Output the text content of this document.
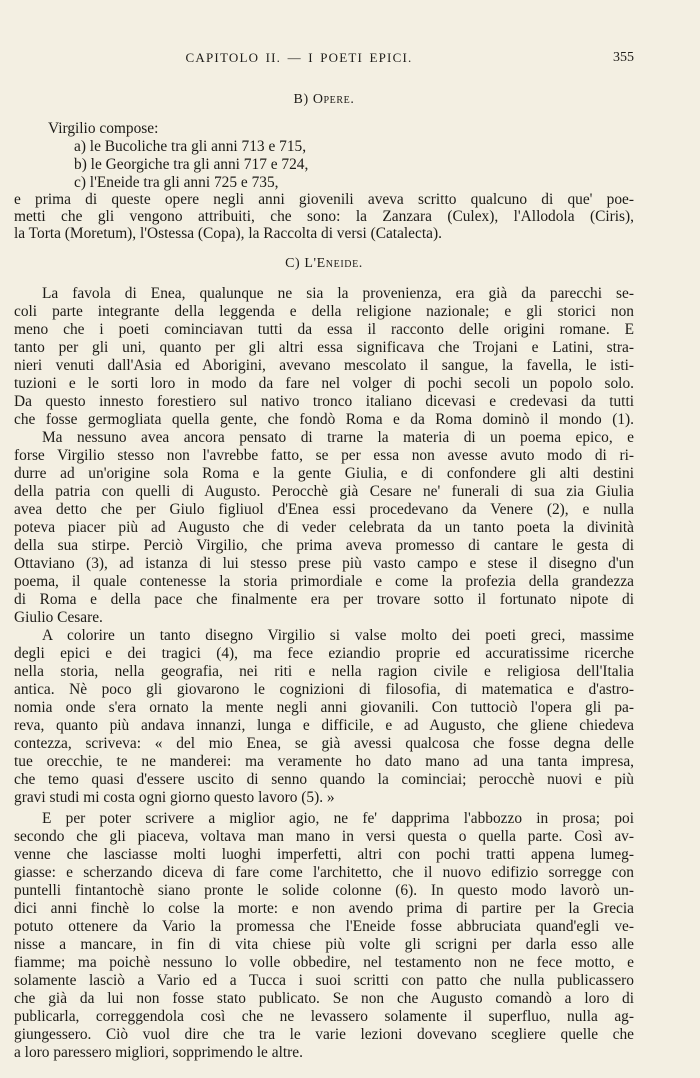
CAPITOLO II. — I POETI EPICI.	355
B) Opere.
Virgilio compose:
a) le Bucoliche tra gli anni 713 e 715,
b) le Georgiche tra gli anni 717 e 724,
c) l'Eneide tra gli anni 725 e 735,
e prima di queste opere negli anni giovenili aveva scritto qualcuno di que' poe-
metti che gli vengono attribuiti, che sono: la Zanzara (Culex), l'Allodola (Ciris),
la Torta (Moretum), l'Ostessa (Copa), la Raccolta di versi (Catalecta).
C) L'Eneide.
La favola di Enea, qualunque ne sia la provenienza, era già da parecchi se-
coli parte integrante della leggenda e della religione nazionale; e gli storici non
meno che i poeti cominciavan tutti da essa il racconto delle origini romane. E
tanto per gli uni, quanto per gli altri essa significava che Trojani e Latini, stra-
nieri venuti dall'Asia ed Aborigini, avevano mescolato il sangue, la favella, le isti-
tuzioni e le sorti loro in modo da fare nel volger di pochi secoli un popolo solo.
Da questo innesto forestiero sul nativo tronco italiano dicevasi e credevasi da tutti
che fosse germogliata quella gente, che fondò Roma e da Roma dominò il mondo (1).
Ma nessuno avea ancora pensato di trarne la materia di un poema epico, e
forse Virgilio stesso non l'avrebbe fatto, se per essa non avesse avuto modo di ri-
durre ad un'origine sola Roma e la gente Giulia, e di confondere gli alti destini
della patria con quelli di Augusto. Perocchè già Cesare ne' funerali di sua zia Giulia
avea detto che per Giulo figliuol d'Enea essi procedevano da Venere (2), e nulla
poteva piacer più ad Augusto che di veder celebrata da un tanto poeta la divinità
della sua stirpe. Perciò Virgilio, che prima aveva promesso di cantare le gesta di
Ottaviano (3), ad istanza di lui stesso prese più vasto campo e stese il disegno d'un
poema, il quale contenesse la storia primordiale e come la profezia della grandezza
di Roma e della pace che finalmente era per trovare sotto il fortunato nipote di
Giulio Cesare.
A colorire un tanto disegno Virgilio si valse molto dei poeti greci, massime
degli epici e dei tragici (4), ma fece eziandio proprie ed accuratissime ricerche
nella storia, nella geografia, nei riti e nella ragion civile e religiosa dell'Italia
antica. Nè poco gli giovarono le cognizioni di filosofia, di matematica e d'astro-
nomia onde s'era ornato la mente negli anni giovanili. Con tuttociò l'opera gli pa-
reva, quanto più andava innanzi, lunga e difficile, e ad Augusto, che gliene chiedeva
contezza, scriveva: « del mio Enea, se già avessi qualcosa che fosse degna delle
tue orecchie, te ne manderei: ma veramente ho dato mano ad una tanta impresa,
che temo quasi d'essere uscito di senno quando la cominciai; perocchè nuovi e più
gravi studi mi costa ogni giorno questo lavoro (5). »
E per poter scrivere a miglior agio, ne fe' dapprima l'abbozzo in prosa; poi
secondo che gli piaceva, voltava man mano in versi questa o quella parte. Così av-
venne che lasciasse molti luoghi imperfetti, altri con pochi tratti appena lumeg-
giasse: e scherzando diceva di fare come l'architetto, che il nuovo edifizio sorregge con
puntelli fintantochè siano pronte le solide colonne (6). In questo modo lavorò un-
dici anni finchè lo colse la morte: e non avendo prima di partire per la Grecia
potuto ottenere da Vario la promessa che l'Eneide fosse abbruciata quand'egli ve-
nisse a mancare, in fin di vita chiese più volte gli scrigni per darla esso alle
fiamme; ma poichè nessuno lo volle obbedire, nel testamento non ne fece motto, e
solamente lasciò a Vario ed a Tucca i suoi scritti con patto che nulla publicassero
che già da lui non fosse stato publicato. Se non che Augusto comandò a loro di
publicarla, correggendola così che ne levassero solamente il superfluo, nulla ag-
giungessero. Ciò vuol dire che tra le varie lezioni dovevano scegliere quelle che
a loro paressero migliori, sopprimendo le altre.
